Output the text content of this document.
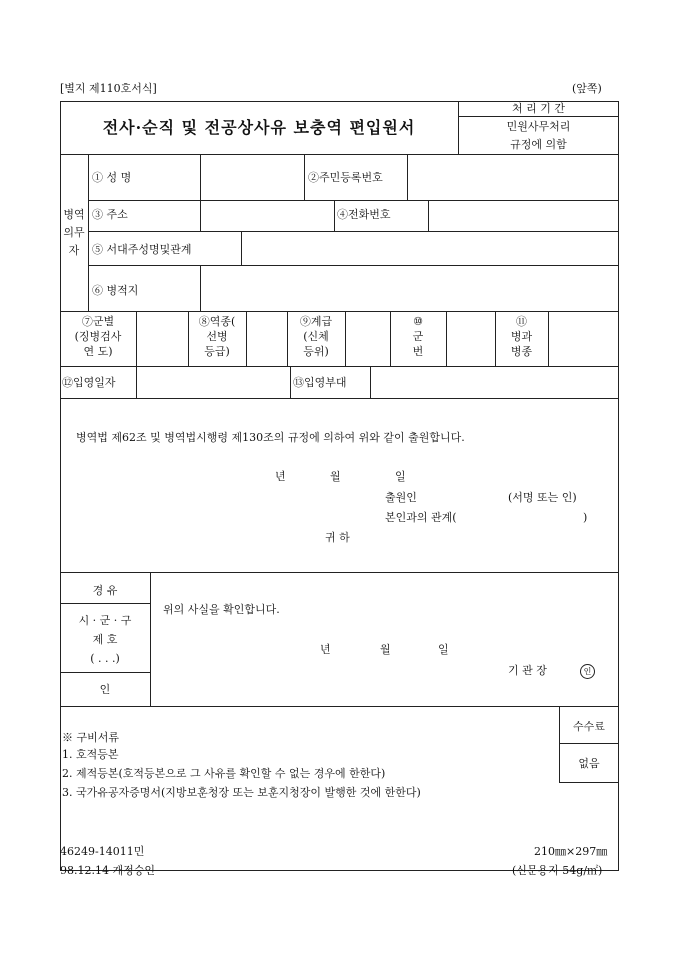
[별지 제110호서식]	(앞쪽)
전사·순직 및 전공상사유 보충역 편입원서
처 리 기 간
민원사무처리
규정에 의함
병역
의무
자
① 성 명	②주민등록번호
③ 주소	④전화번호
⑤ 서대주성명및관계
⑥ 병적지
⑦군별
(징병검사
연 도)
⑧역종(
선병
등급)
⑨계급
(신체
등위)
⑩
군
번
⑪
병과
병종
⑫입영일자	⑬입영부대
병역법 제62조 및 병역법시행령 제130조의 규정에 의하여 위와 같이 출원합니다.
년	월	일
출원인	(서명 또는 인)
본인과의 관계(	)
귀 하
경 유
시 · 군 · 구
제 호
( . . .)
인
위의 사실을 확인합니다.
년	월	일
기 관 장	인
※ 구비서류
1. 호적등본
2. 제적등본(호적등본으로 그 사유를 확인할 수 없는 경우에 한한다)
3. 국가유공자증명서(지방보훈청장 또는 보훈지청장이 발행한 것에 한한다)
수수료
없음
46249-14011민
98.12.14 개정승인
210㎜×297㎜
(신문용지 54g/㎡)
